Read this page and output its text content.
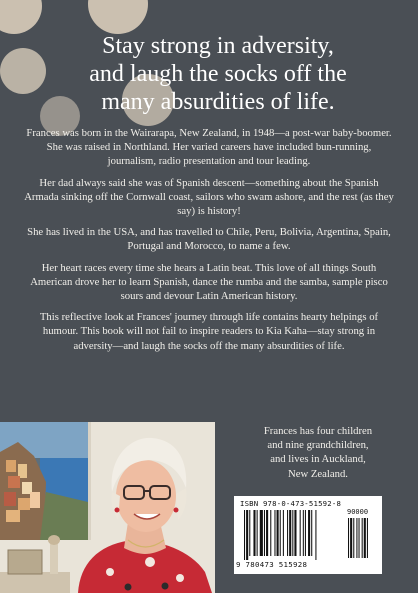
Stay strong in adversity,
and laugh the socks off the
many absurdities of life.

Frances was born in the Wairarapa, New Zealand, in 1948—a post-war baby-boomer. She was raised in Northland. Her varied careers have included bun-running, journalism, radio presentation and tour leading.

Her dad always said she was of Spanish descent—something about the Spanish Armada sinking off the Cornwall coast, sailors who swam ashore, and the rest (as they say) is history!

She has lived in the USA, and has travelled to Chile, Peru, Bolivia, Argentina, Spain, Portugal and Morocco, to name a few.

Her heart races every time she hears a Latin beat. This love of all things South American drove her to learn Spanish, dance the rumba and the samba, sample pisco sours and devour Latin American history.

This reflective look at Frances' journey through life contains hearty helpings of humour. This book will not fail to inspire readers to Kia Kaha—stay strong in adversity—and laugh the socks off the many absurdities of life.

Frances has four children
and nine grandchildren,
and lives in Auckland,
New Zealand.
ISBN 978-0-473-51592-8
90000
9 780473 515928
